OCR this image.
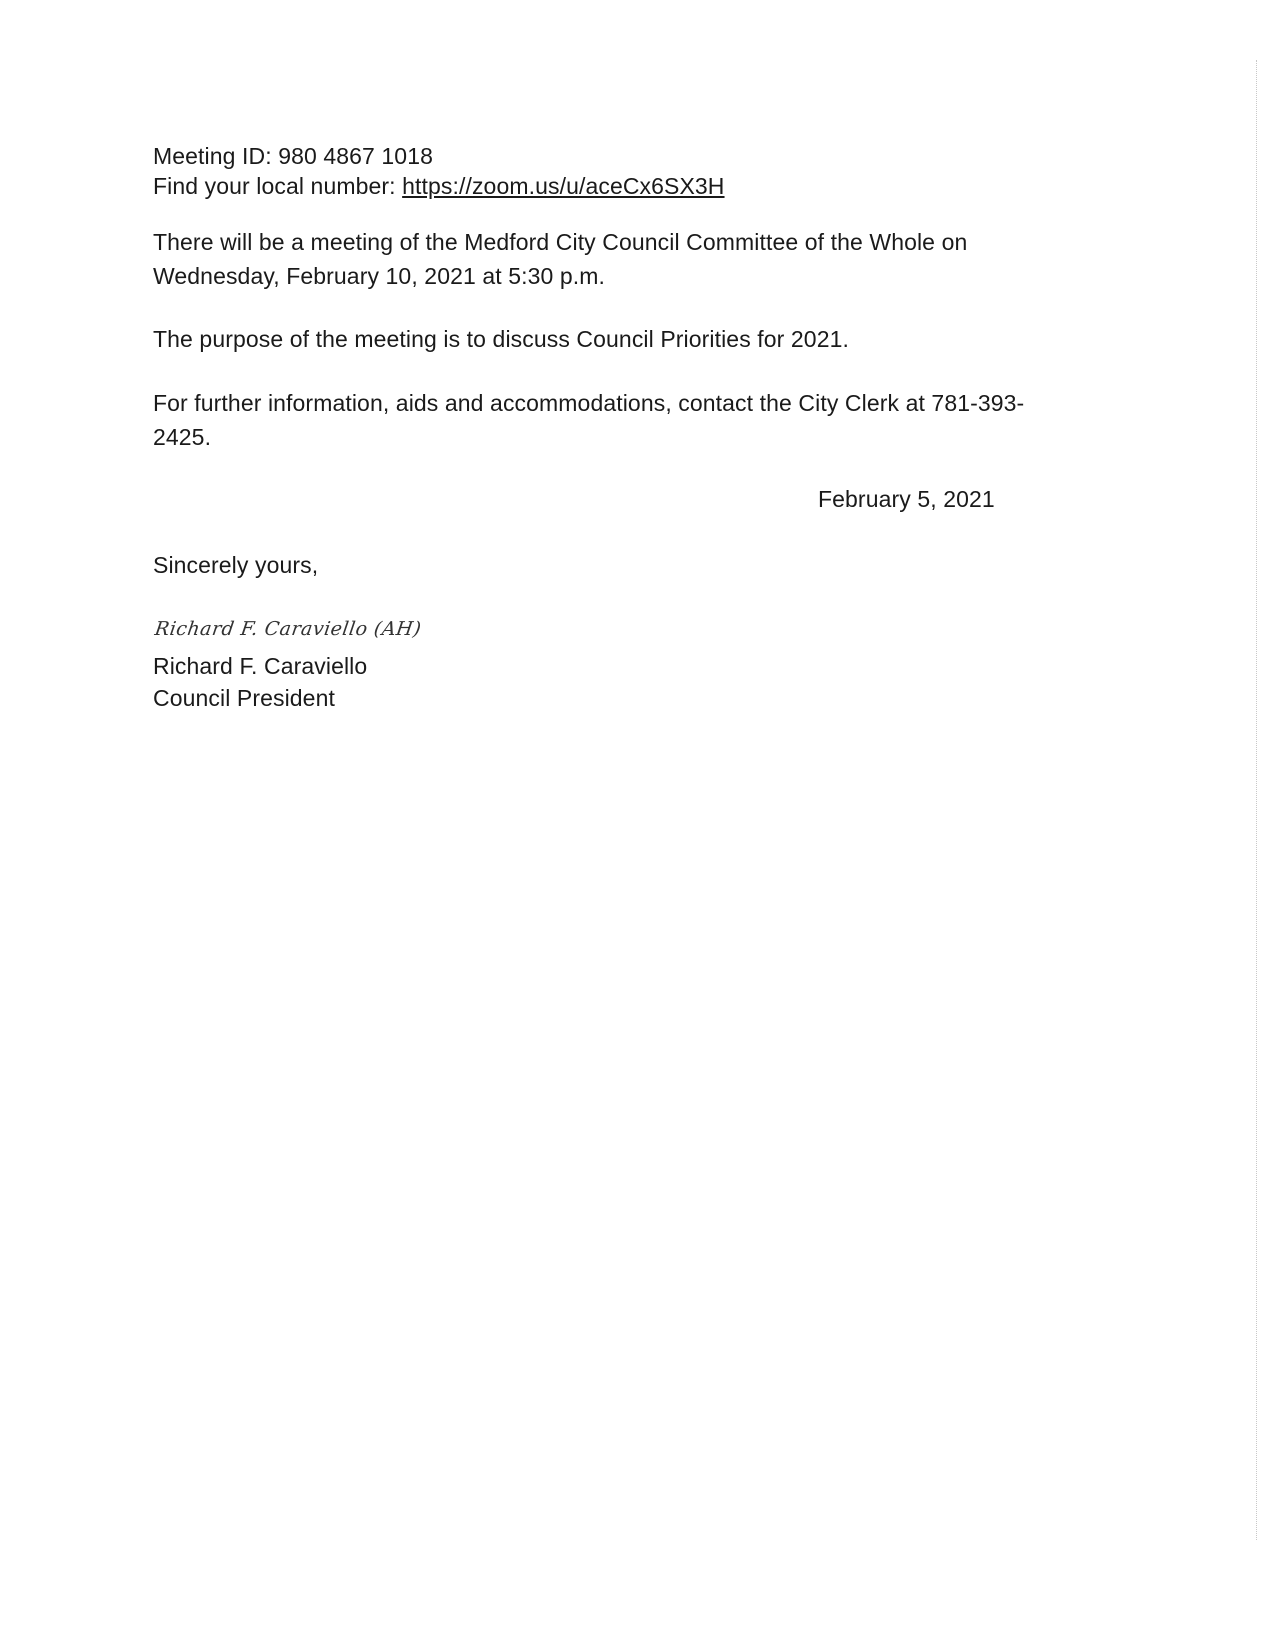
Meeting ID: 980 4867 1018
Find your local number: https://zoom.us/u/aceCx6SX3H
There will be a meeting of the Medford City Council Committee of the Whole on
Wednesday, February 10, 2021 at 5:30 p.m.
The purpose of the meeting is to discuss Council Priorities for 2021.
For further information, aids and accommodations, contact the City Clerk at 781-393-
2425.
February 5, 2021
Sincerely yours,
Richard F. Caraviello (AH)
Richard F. Caraviello
Council President
